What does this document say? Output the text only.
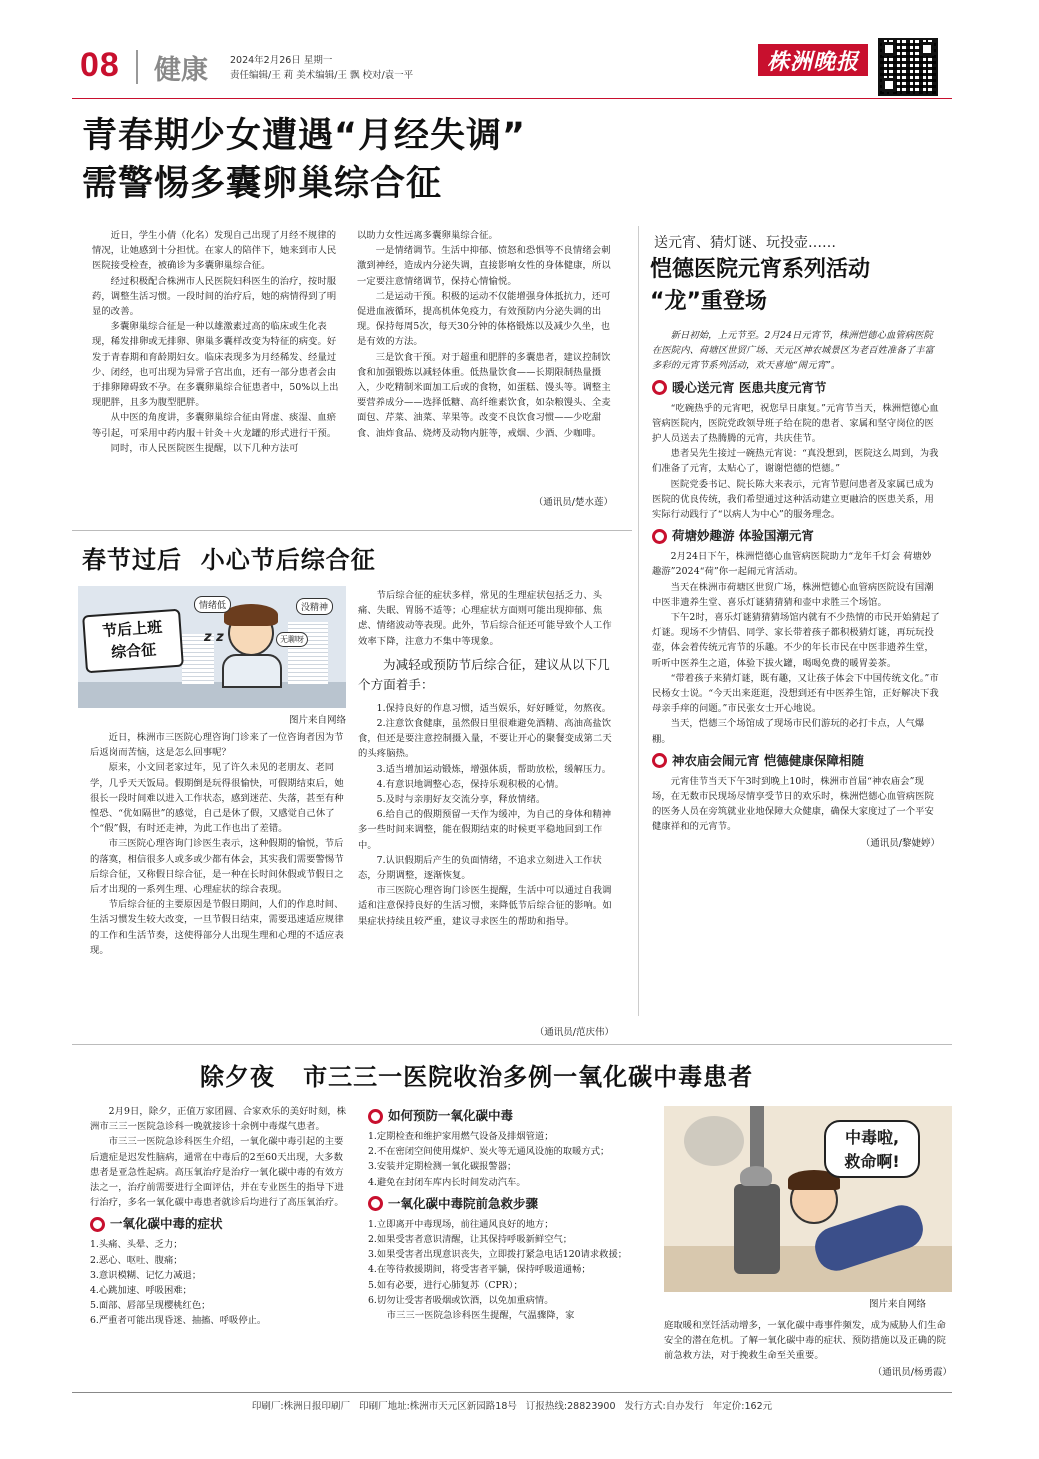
08 健康 2024年2月26日 星期一
责任编辑/王 莉 美术编辑/王 飘 校对/袁一平
株洲晚报
青春期少女遭遇“月经失调”
需警惕多囊卵巢综合征

近日，学生小倩（化名）发现自己出现了月经不规律的情况，让她感到十分担忧。在家人的陪伴下，她来到市人民医院接受检查，被确诊为多囊卵巢综合征。

经过积极配合株洲市人民医院妇科医生的治疗，按时服药，调整生活习惯。一段时间的治疗后，她的病情得到了明显的改善。

多囊卵巢综合征是一种以雄激素过高的临床或生化表现，稀发排卵或无排卵、卵巢多囊样改变为特征的病变。好发于青春期和育龄期妇女。临床表现多为月经稀发、经量过少、闭经，也可出现为异常子宫出血，还有一部分患者会由于排卵障碍致不孕。在多囊卵巢综合征患者中，50%以上出现肥胖，且多为腹型肥胖。

从中医的角度讲，多囊卵巢综合征由肾虚、痰湿、血瘀等引起，可采用中药内服＋针灸＋火龙罐的形式进行干预。

同时，市人民医院医生提醒，以下几种方法可

以助力女性远离多囊卵巢综合征。

一是情绪调节。生活中抑郁、愤怒和恐惧等不良情绪会刺激到神经，造成内分泌失调，直接影响女性的身体健康，所以一定要注意情绪调节，保持心情愉悦。

二是运动干预。积极的运动不仅能增强身体抵抗力，还可促进血液循环，提高机体免疫力，有效预防内分泌失调的出现。保持每周5次，每天30分钟的体格锻炼以及减少久坐，也是有效的方法。

三是饮食干预。对于超重和肥胖的多囊患者，建议控制饮食和加强锻炼以减轻体重。低热量饮食——长期限制热量摄入，少吃精制米面加工后或的食物，如蛋糕、馒头等。调整主要营养成分——选择低糖、高纤维素饮食，如杂粮馒头、全麦面包、芹菜、油菜、苹果等。改变不良饮食习惯——少吃甜食、油炸食品、烧烤及动物内脏等，戒烟、少酒、少咖啡。

（通讯员/楚水莲）

春节过后  小心节后综合征
节后上班
综合征
情绪低	没精神
无聊呀
z z

图片来自网络

近日，株洲市三医院心理咨询门诊来了一位咨询者因为节后返岗而苦恼，这是怎么回事呢？

原来，小文回老家过年，见了许久未见的老朋友、老同学，几乎天天饭局。假期倒是玩得很愉快，可假期结束后，她很长一段时间难以进入工作状态，感到迷茫、失落，甚至有种惶恐、“优如隔世”的感觉，自己是休了假，又感觉自己休了个“假”假，有时还走神，为此工作也出了差错。

市三医院心理咨询门诊医生表示，这种假期的愉悦，节后的落寞，相信很多人或多或少都有体会，其实我们需要警惕节后综合征，又称假日综合征，是一种在长时间休假或节假日之后才出现的一系列生理、心理症状的综合表现。

节后综合征的主要原因是节假日期间，人们的作息时间、生活习惯发生较大改变，一旦节假日结束，需要迅速适应规律的工作和生活节奏，这使得部分人出现生理和心理的不适应表现。

节后综合征的症状多样，常见的生理症状包括乏力、头痛、失眠、胃肠不适等；心理症状方面则可能出现抑郁、焦虑、情绪波动等表现。此外，节后综合征还可能导致个人工作效率下降，注意力不集中等现象。

为减轻或预防节后综合征，建议从以下几个方面着手：

1.保持良好的作息习惯，适当娱乐，好好睡觉，勿熬夜。

2.注意饮食健康，虽然假日里很难避免酒精、高油高盐饮食，但还是要注意控制摄入量，不要让开心的聚餐变成第二天的头疼脑热。

3.适当增加运动锻炼，增强体质，帮助放松，缓解压力。

4.有意识地调整心态，保持乐观积极的心情。

5.及时与亲朋好友交流分享，释放情绪。

6.给自己的假期预留一天作为缓冲，为自己的身体和精神多一些时间来调整，能在假期结束的时候更平稳地回到工作中。

7.认识假期后产生的负面情绪，不追求立刻进入工作状态，分期调整，逐渐恢复。

市三医院心理咨询门诊医生提醒，生活中可以通过自我调适和注意保持良好的生活习惯，来降低节后综合征的影响。如果症状持续且较严重，建议寻求医生的帮助和指导。

（通讯员/范庆伟）

送元宵、猜灯谜、玩投壶……
恺德医院元宵系列活动
“龙”重登场

新日初始，上元节至。2月24日元宵节，株洲恺德心血管病医院在医院内、荷塘区世贸广场、天元区神农城景区为老百姓准备了丰富多彩的元宵节系列活动，欢天喜地“闹元宵”。

暖心送元宵 医患共度元宵节

“吃碗热乎的元宵吧，祝您早日康复。”元宵节当天，株洲恺德心血管病医院内，医院党政领导班子给在院的患者、家属和坚守岗位的医护人员送去了热腾腾的元宵，共庆佳节。

患者吴先生接过一碗热元宵说：“真没想到，医院这么周到，为我们准备了元宵，太贴心了，谢谢恺德的恺德。”

医院党委书记、院长陈大来表示，元宵节慰问患者及家属已成为医院的优良传统，我们希望通过这种活动建立更融洽的医患关系，用实际行动践行了“以病人为中心”的服务理念。

荷塘妙趣游 体验国潮元宵

2月24日下午，株洲恺德心血管病医院助力“龙年千灯会 荷塘妙趣游”2024“荷”你一起闹元宵活动。

当天在株洲市荷塘区世贸广场，株洲恺德心血管病医院设有国潮中医非遗养生堂、喜乐灯谜猜猜猜和壶中求胜三个场馆。

下午2时，喜乐灯谜猜猜猜场馆内就有不少热情的市民开始猜起了灯谜。现场不少情侣、同学、家长带着孩子都积极猜灯谜，再玩玩投壶，体会着传统元宵节的乐趣。不少的年长市民在中医非遗养生堂，听听中医养生之道，体验下拔火罐，喝喝免费的暖胃姜茶。

“带着孩子来猜灯谜，既有趣，又让孩子体会下中国传统文化。”市民杨女士说。“今天出来逛逛，没想到还有中医养生馆，正好解决下我母亲手痒的问题。”市民张女士开心地说。

当天，恺德三个场馆成了现场市民们游玩的必打卡点，人气爆棚。

神农庙会闹元宵 恺德健康保障相随

元宵佳节当天下午3时到晚上10时，株洲市首届“神农庙会”现场，在无数市民现场尽情享受节日的欢乐时，株洲恺德心血管病医院的医务人员在旁筑就业业地保障大众健康，确保大家度过了一个平安健康祥和的元宵节。

（通讯员/黎婕婷）

除夕夜   市三三一医院收治多例一氧化碳中毒患者

2月9日，除夕，正值万家团圆、合家欢乐的美好时刻，株洲市三三一医院急诊科一晚就接诊十余例中毒煤气患者。

市三三一医院急诊科医生介绍，一氧化碳中毒引起的主要后遗症是迟发性脑病，通常在中毒后的2至60天出现，大多数患者是亚急性起病。高压氧治疗是治疗一氧化碳中毒的有效方法之一，治疗前需要进行全面评估，并在专业医生的指导下进行治疗，多名一氧化碳中毒患者就诊后均进行了高压氧治疗。

一氧化碳中毒的症状

1.头痛、头晕、乏力；

2.恶心、呕吐、腹痛；

3.意识模糊、记忆力减退；

4.心跳加速、呼吸困难；

5.面部、唇部呈现樱桃红色；

6.严重者可能出现昏迷、抽搐、呼吸停止。

如何预防一氧化碳中毒

1.定期检查和维护家用燃气设备及排烟管道；

2.不在密闭空间使用煤炉、炭火等无通风设施的取暖方式；

3.安装并定期检测一氧化碳报警器；

4.避免在封闭车库内长时间发动汽车。

一氧化碳中毒院前急救步骤

1.立即离开中毒现场，前往通风良好的地方；

2.如果受害者意识清醒，让其保持呼吸新鲜空气；

3.如果受害者出现意识丧失，立即拨打紧急电话120请求救援；

4.在等待救援期间，将受害者平躺，保持呼吸道通畅；

5.如有必要，进行心肺复苏（CPR）；

6.切勿让受害者吸烟或饮酒，以免加重病情。

市三三一医院急诊科医生提醒，气温骤降，家

中毒啦,
救命啊!

图片来自网络

庭取暖和烹饪活动增多，一氧化碳中毒事件频发，成为威胁人们生命安全的潜在危机。了解一氧化碳中毒的症状、预防措施以及正确的院前急救方法，对于挽救生命至关重要。

（通讯员/杨勇霞）

印刷厂:株洲日报印刷厂   印刷厂地址:株洲市天元区新园路18号   订报热线:28823900   发行方式:自办发行   年定价:162元
